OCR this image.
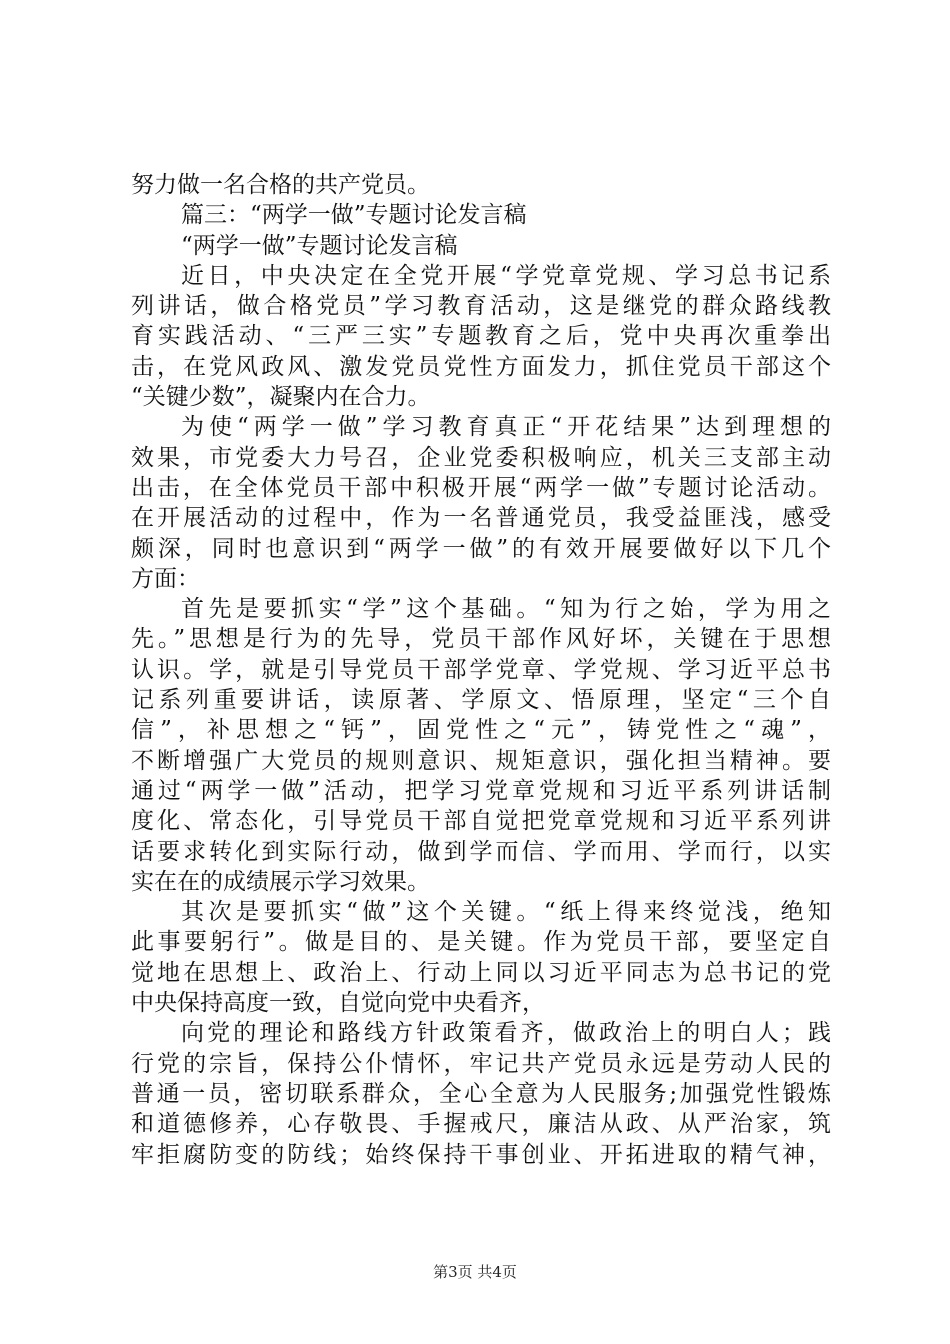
努力做一名合格的共产党员。
篇三：“两学一做”专题讨论发言稿
“两学一做”专题讨论发言稿
近日，中央决定在全党开展“学党章党规、学习总书记系
列讲话，做合格党员”学习教育活动，这是继党的群众路线教
育实践活动、“三严三实”专题教育之后，党中央再次重拳出
击，在党风政风、激发党员党性方面发力，抓住党员干部这个
“关键少数”，凝聚内在合力。
为使“两学一做”学习教育真正“开花结果”达到理想的
效果，市党委大力号召，企业党委积极响应，机关三支部主动
出击，在全体党员干部中积极开展“两学一做”专题讨论活动。
在开展活动的过程中，作为一名普通党员，我受益匪浅，感受
颇深，同时也意识到“两学一做”的有效开展要做好以下几个
方面：
首先是要抓实“学”这个基础。“知为行之始，学为用之
先。”思想是行为的先导，党员干部作风好坏，关键在于思想
认识。学，就是引导党员干部学党章、学党规、学习近平总书
记系列重要讲话，读原著、学原文、悟原理，坚定“三个自
信”，补思想之“钙”，固党性之“元”，铸党性之“魂”，
不断增强广大党员的规则意识、规矩意识，强化担当精神。要
通过“两学一做”活动，把学习党章党规和习近平系列讲话制
度化、常态化，引导党员干部自觉把党章党规和习近平系列讲
话要求转化到实际行动，做到学而信、学而用、学而行，以实
实在在的成绩展示学习效果。
其次是要抓实“做”这个关键。“纸上得来终觉浅，绝知
此事要躬行”。做是目的、是关键。作为党员干部，要坚定自
觉地在思想上、政治上、行动上同以习近平同志为总书记的党
中央保持高度一致，自觉向党中央看齐，
向党的理论和路线方针政策看齐，做政治上的明白人；践
行党的宗旨，保持公仆情怀，牢记共产党员永远是劳动人民的
普通一员，密切联系群众，全心全意为人民服务;加强党性锻炼
和道德修养，心存敬畏、手握戒尺，廉洁从政、从严治家，筑
牢拒腐防变的防线；始终保持干事创业、开拓进取的精气神，
第3页 共4页
